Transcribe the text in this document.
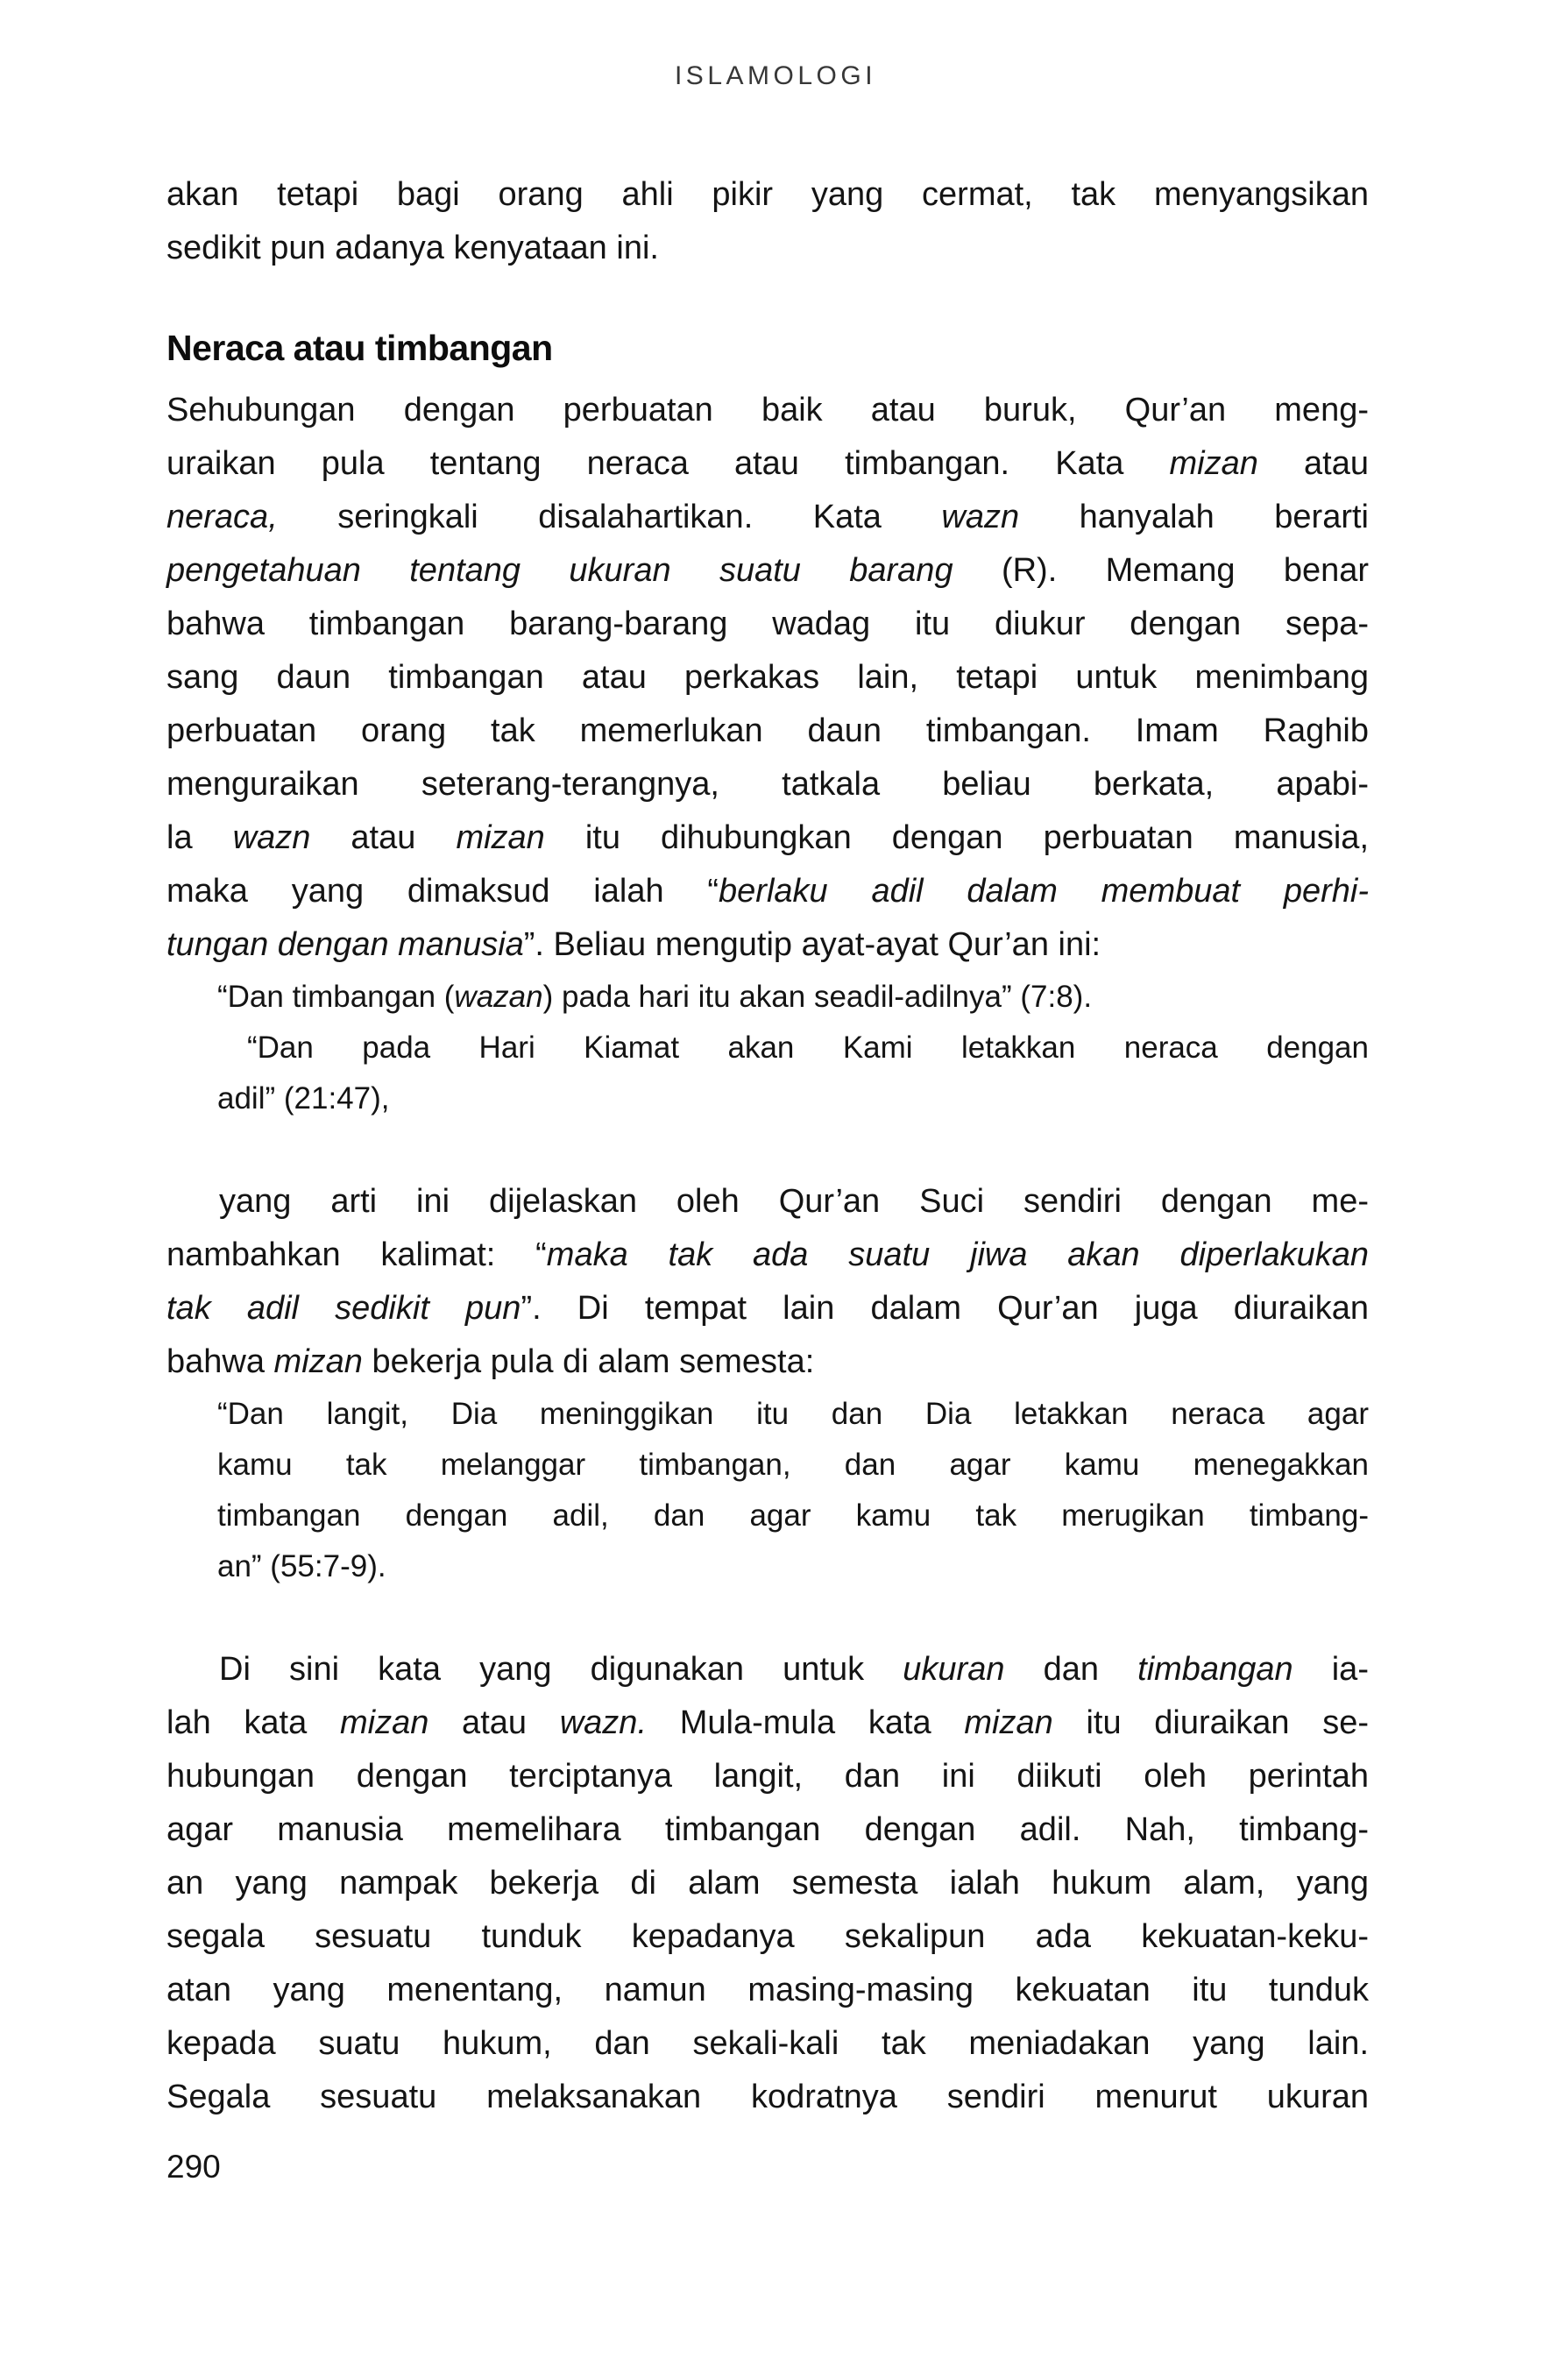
ISLAMOLOGI
akan tetapi bagi orang ahli pikir yang cermat, tak menyangsikan
sedikit pun adanya kenyataan ini.
Neraca atau timbangan
Sehubungan dengan perbuatan baik atau buruk, Qur’an meng-
uraikan pula tentang neraca atau timbangan. Kata mizan atau
neraca, seringkali disalahartikan. Kata wazn hanyalah berarti
pengetahuan tentang ukuran suatu barang (R). Memang benar
bahwa timbangan barang-barang wadag itu diukur dengan sepa-
sang daun timbangan atau perkakas lain, tetapi untuk menimbang
perbuatan orang tak memerlukan daun timbangan. Imam Raghib
menguraikan seterang-terangnya, tatkala beliau berkata, apabi-
la wazn atau mizan itu dihubungkan dengan perbuatan manusia,
maka yang dimaksud ialah “berlaku adil dalam membuat perhi-
tungan dengan manusia”. Beliau mengutip ayat-ayat Qur’an ini:
“Dan timbangan (wazan) pada hari itu akan seadil-adilnya” (7:8).
“Dan pada Hari Kiamat akan Kami letakkan neraca dengan
adil” (21:47),
yang arti ini dijelaskan oleh Qur’an Suci sendiri dengan me-
nambahkan kalimat: “maka tak ada suatu jiwa akan diperlakukan
tak adil sedikit pun”. Di tempat lain dalam Qur’an juga diuraikan
bahwa mizan bekerja pula di alam semesta:
“Dan langit, Dia meninggikan itu dan Dia letakkan neraca agar
kamu tak melanggar timbangan, dan agar kamu menegakkan
timbangan dengan adil, dan agar kamu tak merugikan timbang-
an” (55:7-9).
Di sini kata yang digunakan untuk ukuran dan timbangan ia-
lah kata mizan atau wazn. Mula-mula kata mizan itu diuraikan se-
hubungan dengan terciptanya langit, dan ini diikuti oleh perintah
agar manusia memelihara timbangan dengan adil. Nah, timbang-
an yang nampak bekerja di alam semesta ialah hukum alam, yang
segala sesuatu tunduk kepadanya sekalipun ada kekuatan-keku-
atan yang menentang, namun masing-masing kekuatan itu tunduk
kepada suatu hukum, dan sekali-kali tak meniadakan yang lain.
Segala sesuatu melaksanakan kodratnya sendiri menurut ukuran
290
